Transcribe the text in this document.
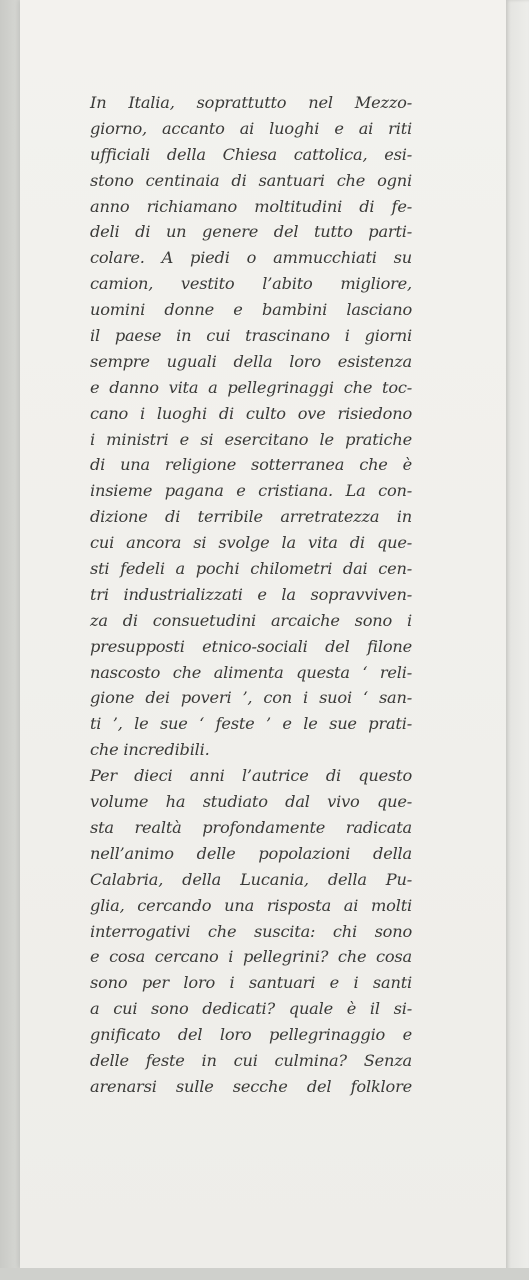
In Italia, soprattutto nel Mezzo-
giorno, accanto ai luoghi e ai riti
ufficiali della Chiesa cattolica, esi-
stono centinaia di santuari che ogni
anno richiamano moltitudini di fe-
deli di un genere del tutto parti-
colare. A piedi o ammucchiati su
camion, vestito l’abito migliore,
uomini donne e bambini lasciano
il paese in cui trascinano i giorni
sempre uguali della loro esistenza
e danno vita a pellegrinaggi che toc-
cano i luoghi di culto ove risiedono
i ministri e si esercitano le pratiche
di una religione sotterranea che è
insieme pagana e cristiana. La con-
dizione di terribile arretratezza in
cui ancora si svolge la vita di que-
sti fedeli a pochi chilometri dai cen-
tri industrializzati e la sopravviven-
za di consuetudini arcaiche sono i
presupposti etnico-sociali del filone
nascosto che alimenta questa ‘ reli-
gione dei poveri ’, con i suoi ‘ san-
ti ’, le sue ‘ feste ’ e le sue prati-
che incredibili.
Per dieci anni l’autrice di questo
volume ha studiato dal vivo que-
sta realtà profondamente radicata
nell’animo delle popolazioni della
Calabria, della Lucania, della Pu-
glia, cercando una risposta ai molti
interrogativi che suscita: chi sono
e cosa cercano i pellegrini? che cosa
sono per loro i santuari e i santi
a cui sono dedicati? quale è il si-
gnificato del loro pellegrinaggio e
delle feste in cui culmina? Senza
arenarsi sulle secche del folklore
